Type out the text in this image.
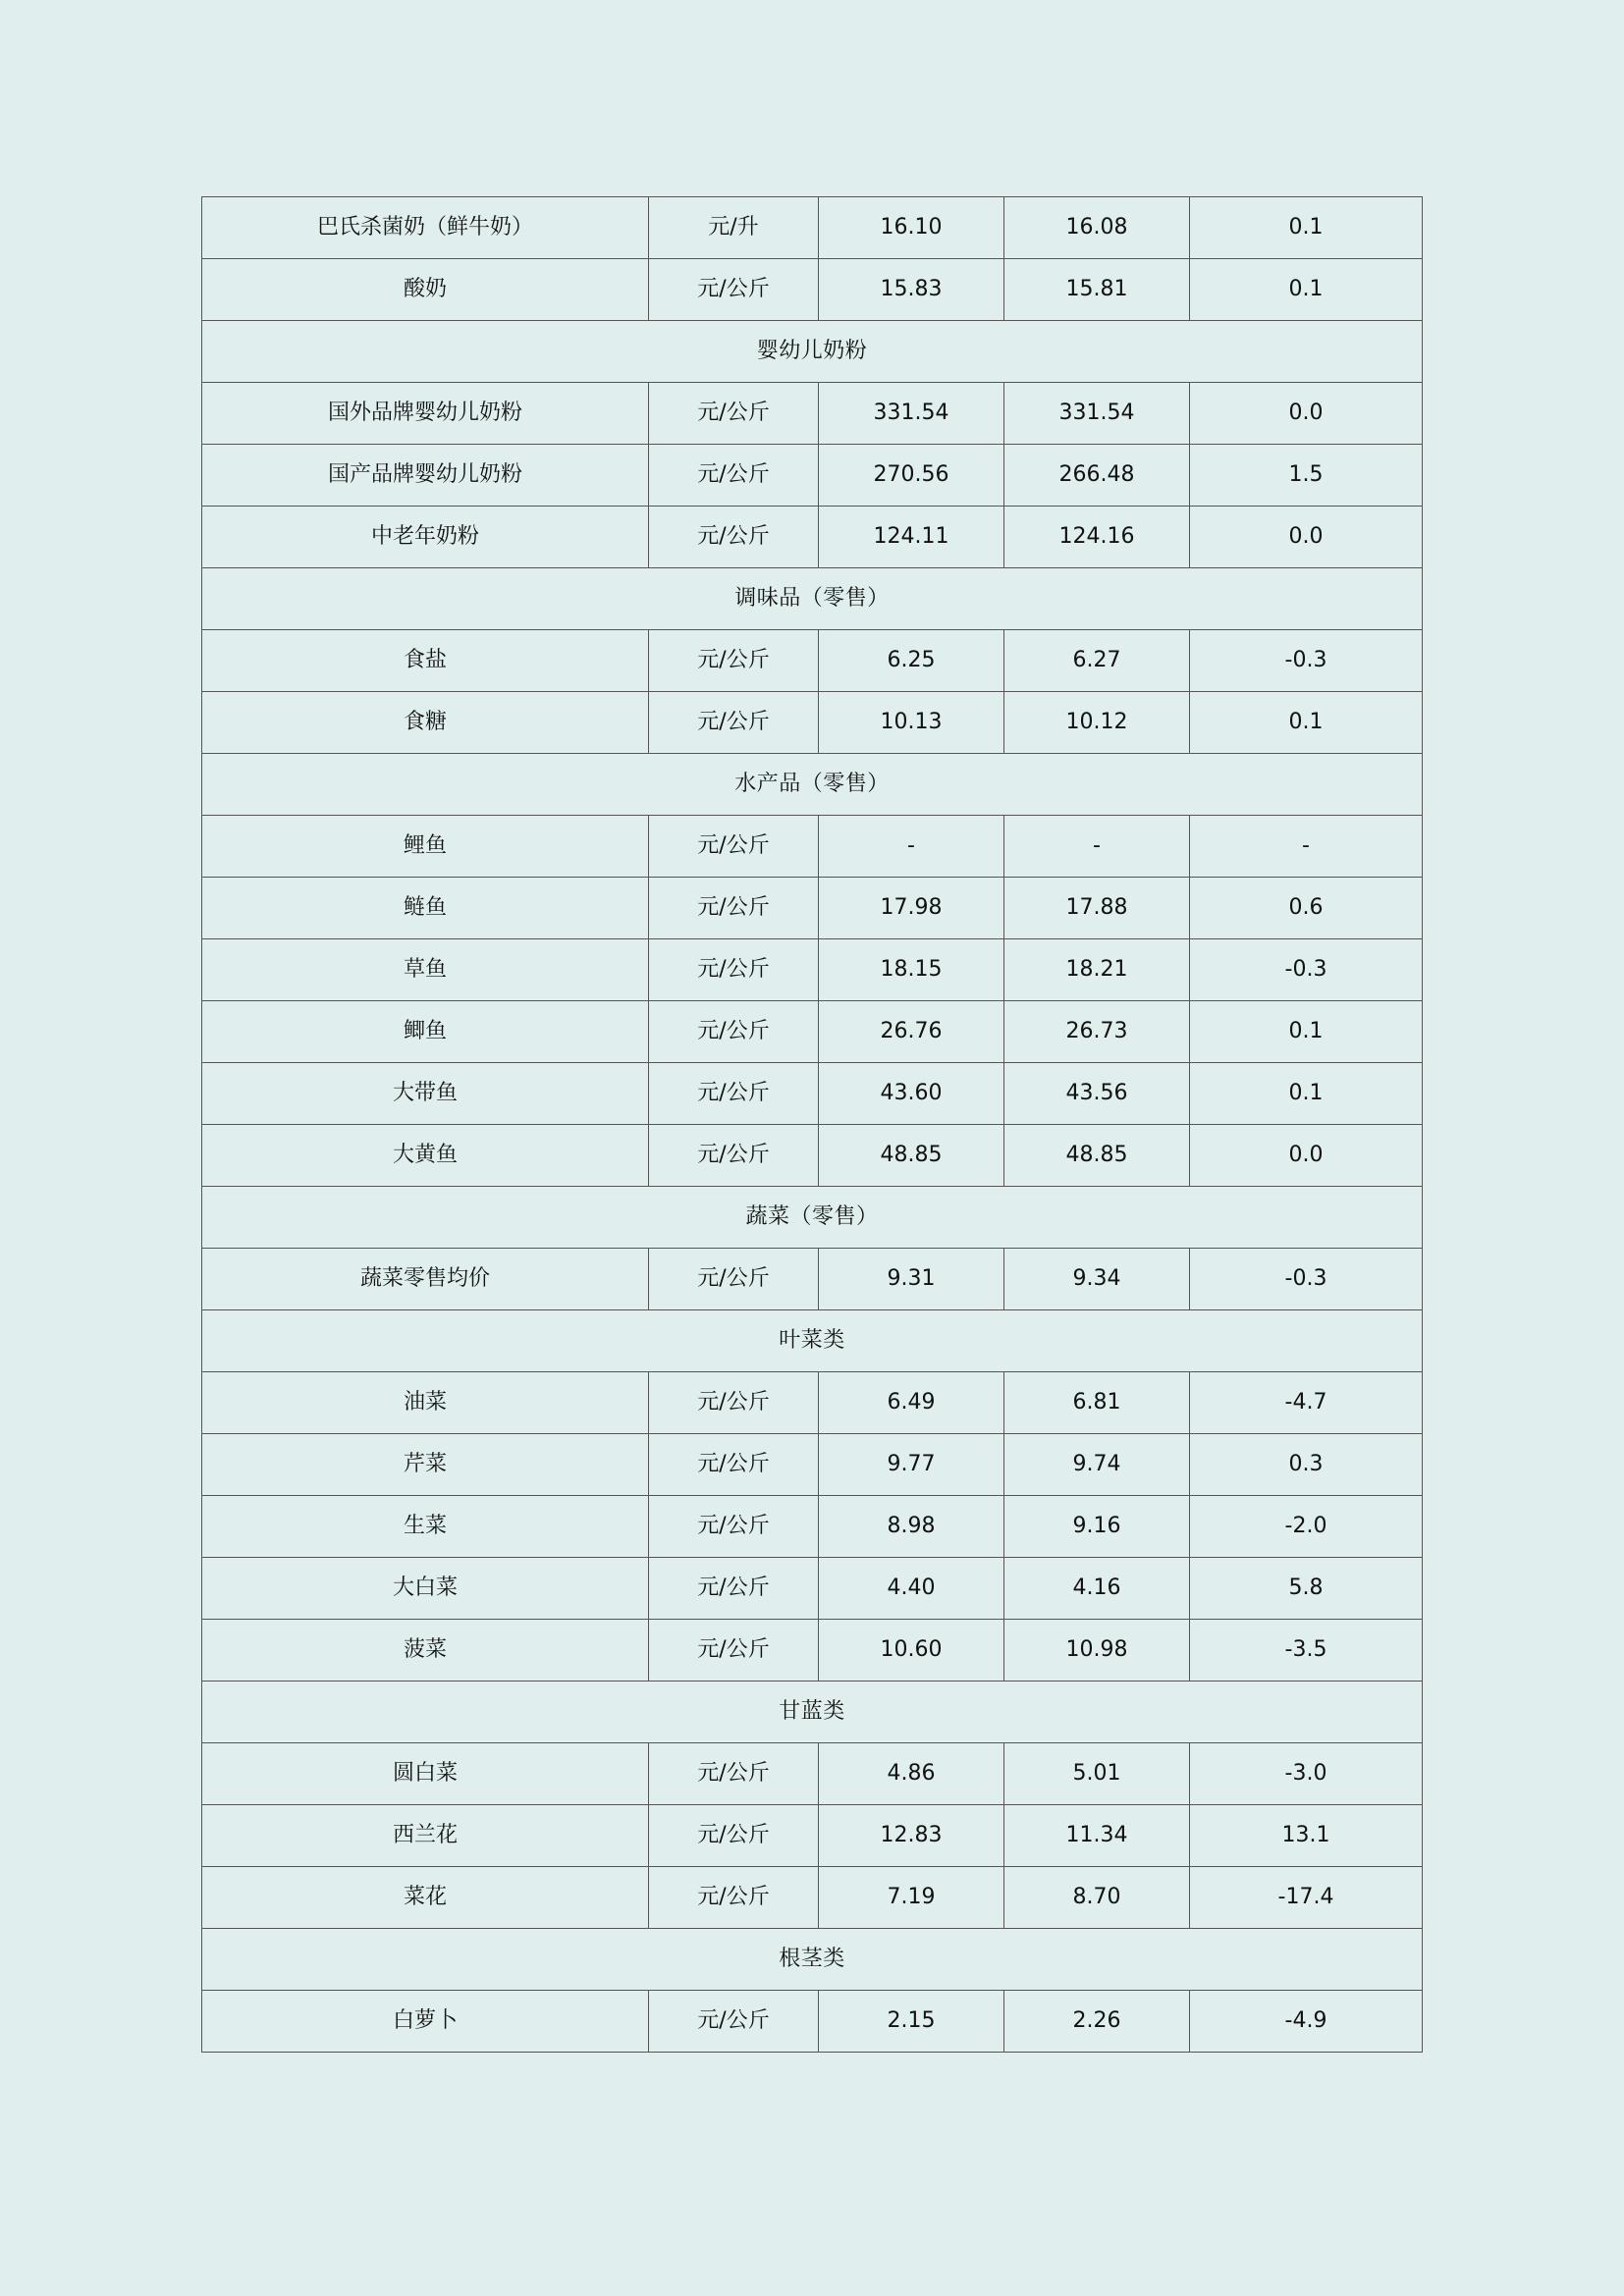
巴氏杀菌奶（鲜牛奶）	元/升	16.10	16.08	0.1
酸奶	元/公斤	15.83	15.81	0.1
婴幼儿奶粉				
国外品牌婴幼儿奶粉	元/公斤	331.54	331.54	0.0
国产品牌婴幼儿奶粉	元/公斤	270.56	266.48	1.5
中老年奶粉	元/公斤	124.11	124.16	0.0
调味品（零售）				
食盐	元/公斤	6.25	6.27	-0.3
食糖	元/公斤	10.13	10.12	0.1
水产品（零售）				
鲤鱼	元/公斤	-	-	-
鲢鱼	元/公斤	17.98	17.88	0.6
草鱼	元/公斤	18.15	18.21	-0.3
鲫鱼	元/公斤	26.76	26.73	0.1
大带鱼	元/公斤	43.60	43.56	0.1
大黄鱼	元/公斤	48.85	48.85	0.0
蔬菜（零售）				
蔬菜零售均价	元/公斤	9.31	9.34	-0.3
叶菜类				
油菜	元/公斤	6.49	6.81	-4.7
芹菜	元/公斤	9.77	9.74	0.3
生菜	元/公斤	8.98	9.16	-2.0
大白菜	元/公斤	4.40	4.16	5.8
菠菜	元/公斤	10.60	10.98	-3.5
甘蓝类				
圆白菜	元/公斤	4.86	5.01	-3.0
西兰花	元/公斤	12.83	11.34	13.1
菜花	元/公斤	7.19	8.70	-17.4
根茎类				
白萝卜	元/公斤	2.15	2.26	-4.9
